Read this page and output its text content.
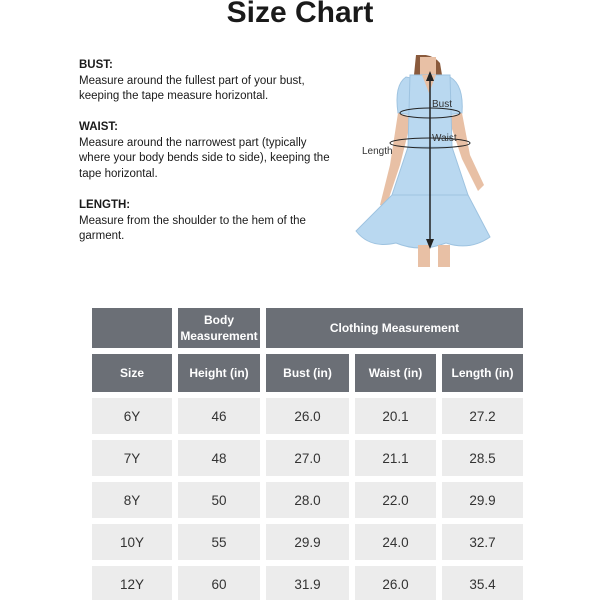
Size Chart
BUST:
Measure around the fullest part of your bust,
keeping the tape measure horizontal.
WAIST:
Measure around the narrowest part (typically
where your body bends side to side), keeping the
tape horizontal.
LENGTH:
Measure from the shoulder to the hem of the
garment.
Bust
Waist
Length
	Body Measurement	Clothing Measurement		
Size	Height (in)	Bust (in)	Waist (in)	Length (in)
6Y	46	26.0	20.1	27.2
7Y	48	27.0	21.1	28.5
8Y	50	28.0	22.0	29.9
10Y	55	29.9	24.0	32.7
12Y	60	31.9	26.0	35.4
